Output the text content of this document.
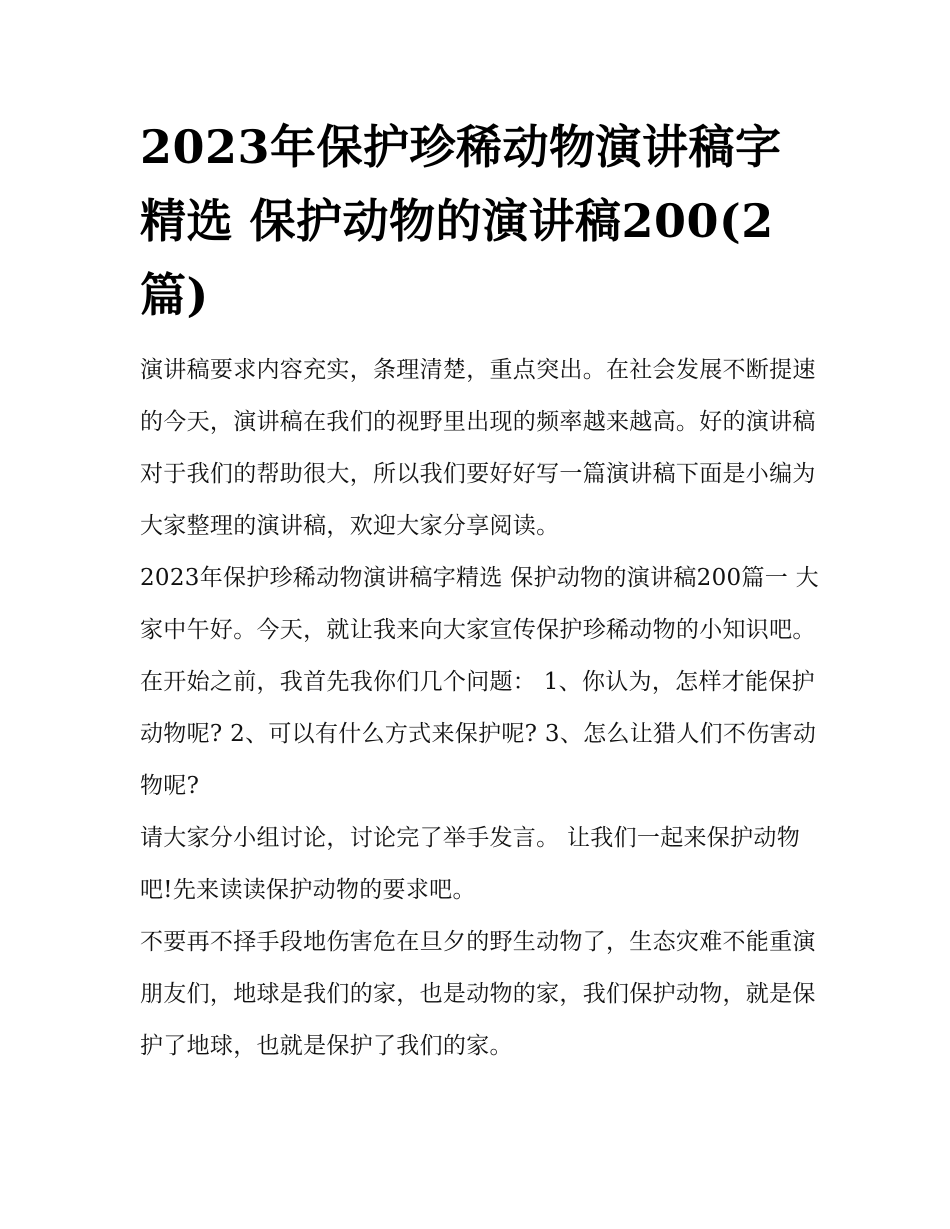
2023年保护珍稀动物演讲稿字精选 保护动物的演讲稿200(2篇)

演讲稿要求内容充实，条理清楚，重点突出。在社会发展不断提速的今天，演讲稿在我们的视野里出现的频率越来越高。好的演讲稿对于我们的帮助很大，所以我们要好好写一篇演讲稿下面是小编为大家整理的演讲稿，欢迎大家分享阅读。

2023年保护珍稀动物演讲稿字精选 保护动物的演讲稿200篇一 大家中午好。今天，就让我来向大家宣传保护珍稀动物的小知识吧。

在开始之前，我首先我你们几个问题： 1、你认为，怎样才能保护动物呢? 2、可以有什么方式来保护呢? 3、怎么让猎人们不伤害动物呢?

请大家分小组讨论，讨论完了举手发言。 让我们一起来保护动物吧!先来读读保护动物的要求吧。

不要再不择手段地伤害危在旦夕的野生动物了，生态灾难不能重演朋友们，地球是我们的家，也是动物的家，我们保护动物，就是保护了地球，也就是保护了我们的家。
